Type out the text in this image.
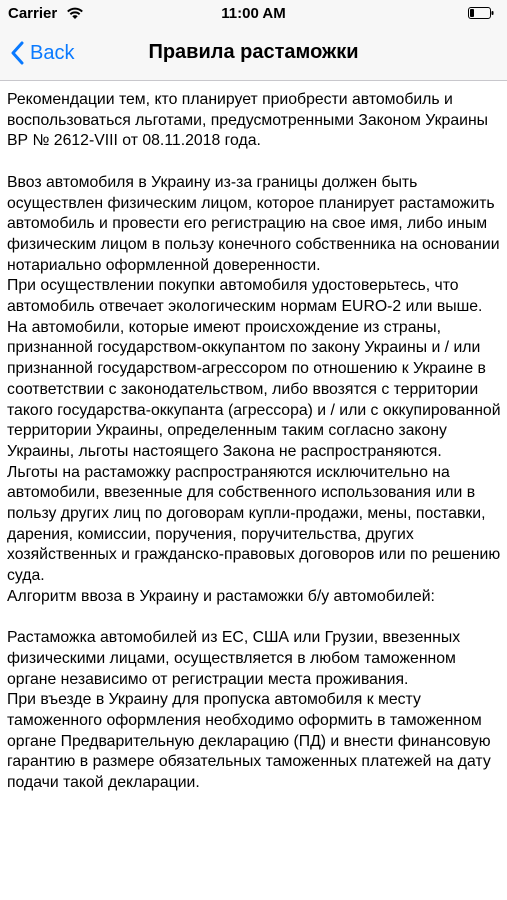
Carrier	11:00 AM
Back	Правила растаможки

Рекомендации тем, кто планирует приобрести автомобиль и воспользоваться льготами, предусмотренными Законом Украины ВР № 2612-VIII от 08.11.2018 года.

Ввоз автомобиля в Украину из-за границы должен быть осуществлен физическим лицом, которое планирует растаможить автомобиль и провести его регистрацию на свое имя, либо иным физическим лицом в пользу конечного собственника на основании нотариально оформленной доверенности.

При осуществлении покупки автомобиля удостоверьтесь, что автомобиль отвечает экологическим нормам EURO-2 или выше.

На автомобили, которые имеют происхождение из страны, признанной государством-оккупантом по закону Украины и / или признанной государством-агрессором по отношению к Украине в соответствии с законодательством, либо ввозятся с территории такого государства-оккупанта (агрессора) и / или с оккупированной территории Украины, определенным таким согласно закону Украины, льготы настоящего Закона не распространяются.

Льготы на растаможку распространяются исключительно на автомобили, ввезенные для собственного использования или в пользу других лиц по договорам купли-продажи, мены, поставки, дарения, комиссии, поручения, поручительства, других хозяйственных и гражданско-правовых договоров или по решению суда.

Алгоритм ввоза в Украину и растаможки б/у автомобилей:

Растаможка автомобилей из ЕС, США или Грузии, ввезенных физическими лицами, осуществляется в любом таможенном органе независимо от регистрации места проживания.

При въезде в Украину для пропуска автомобиля к месту таможенного оформления необходимо оформить в таможенном органе Предварительную декларацию (ПД) и внести финансовую гарантию в размере обязательных таможенных платежей на дату подачи такой декларации.
